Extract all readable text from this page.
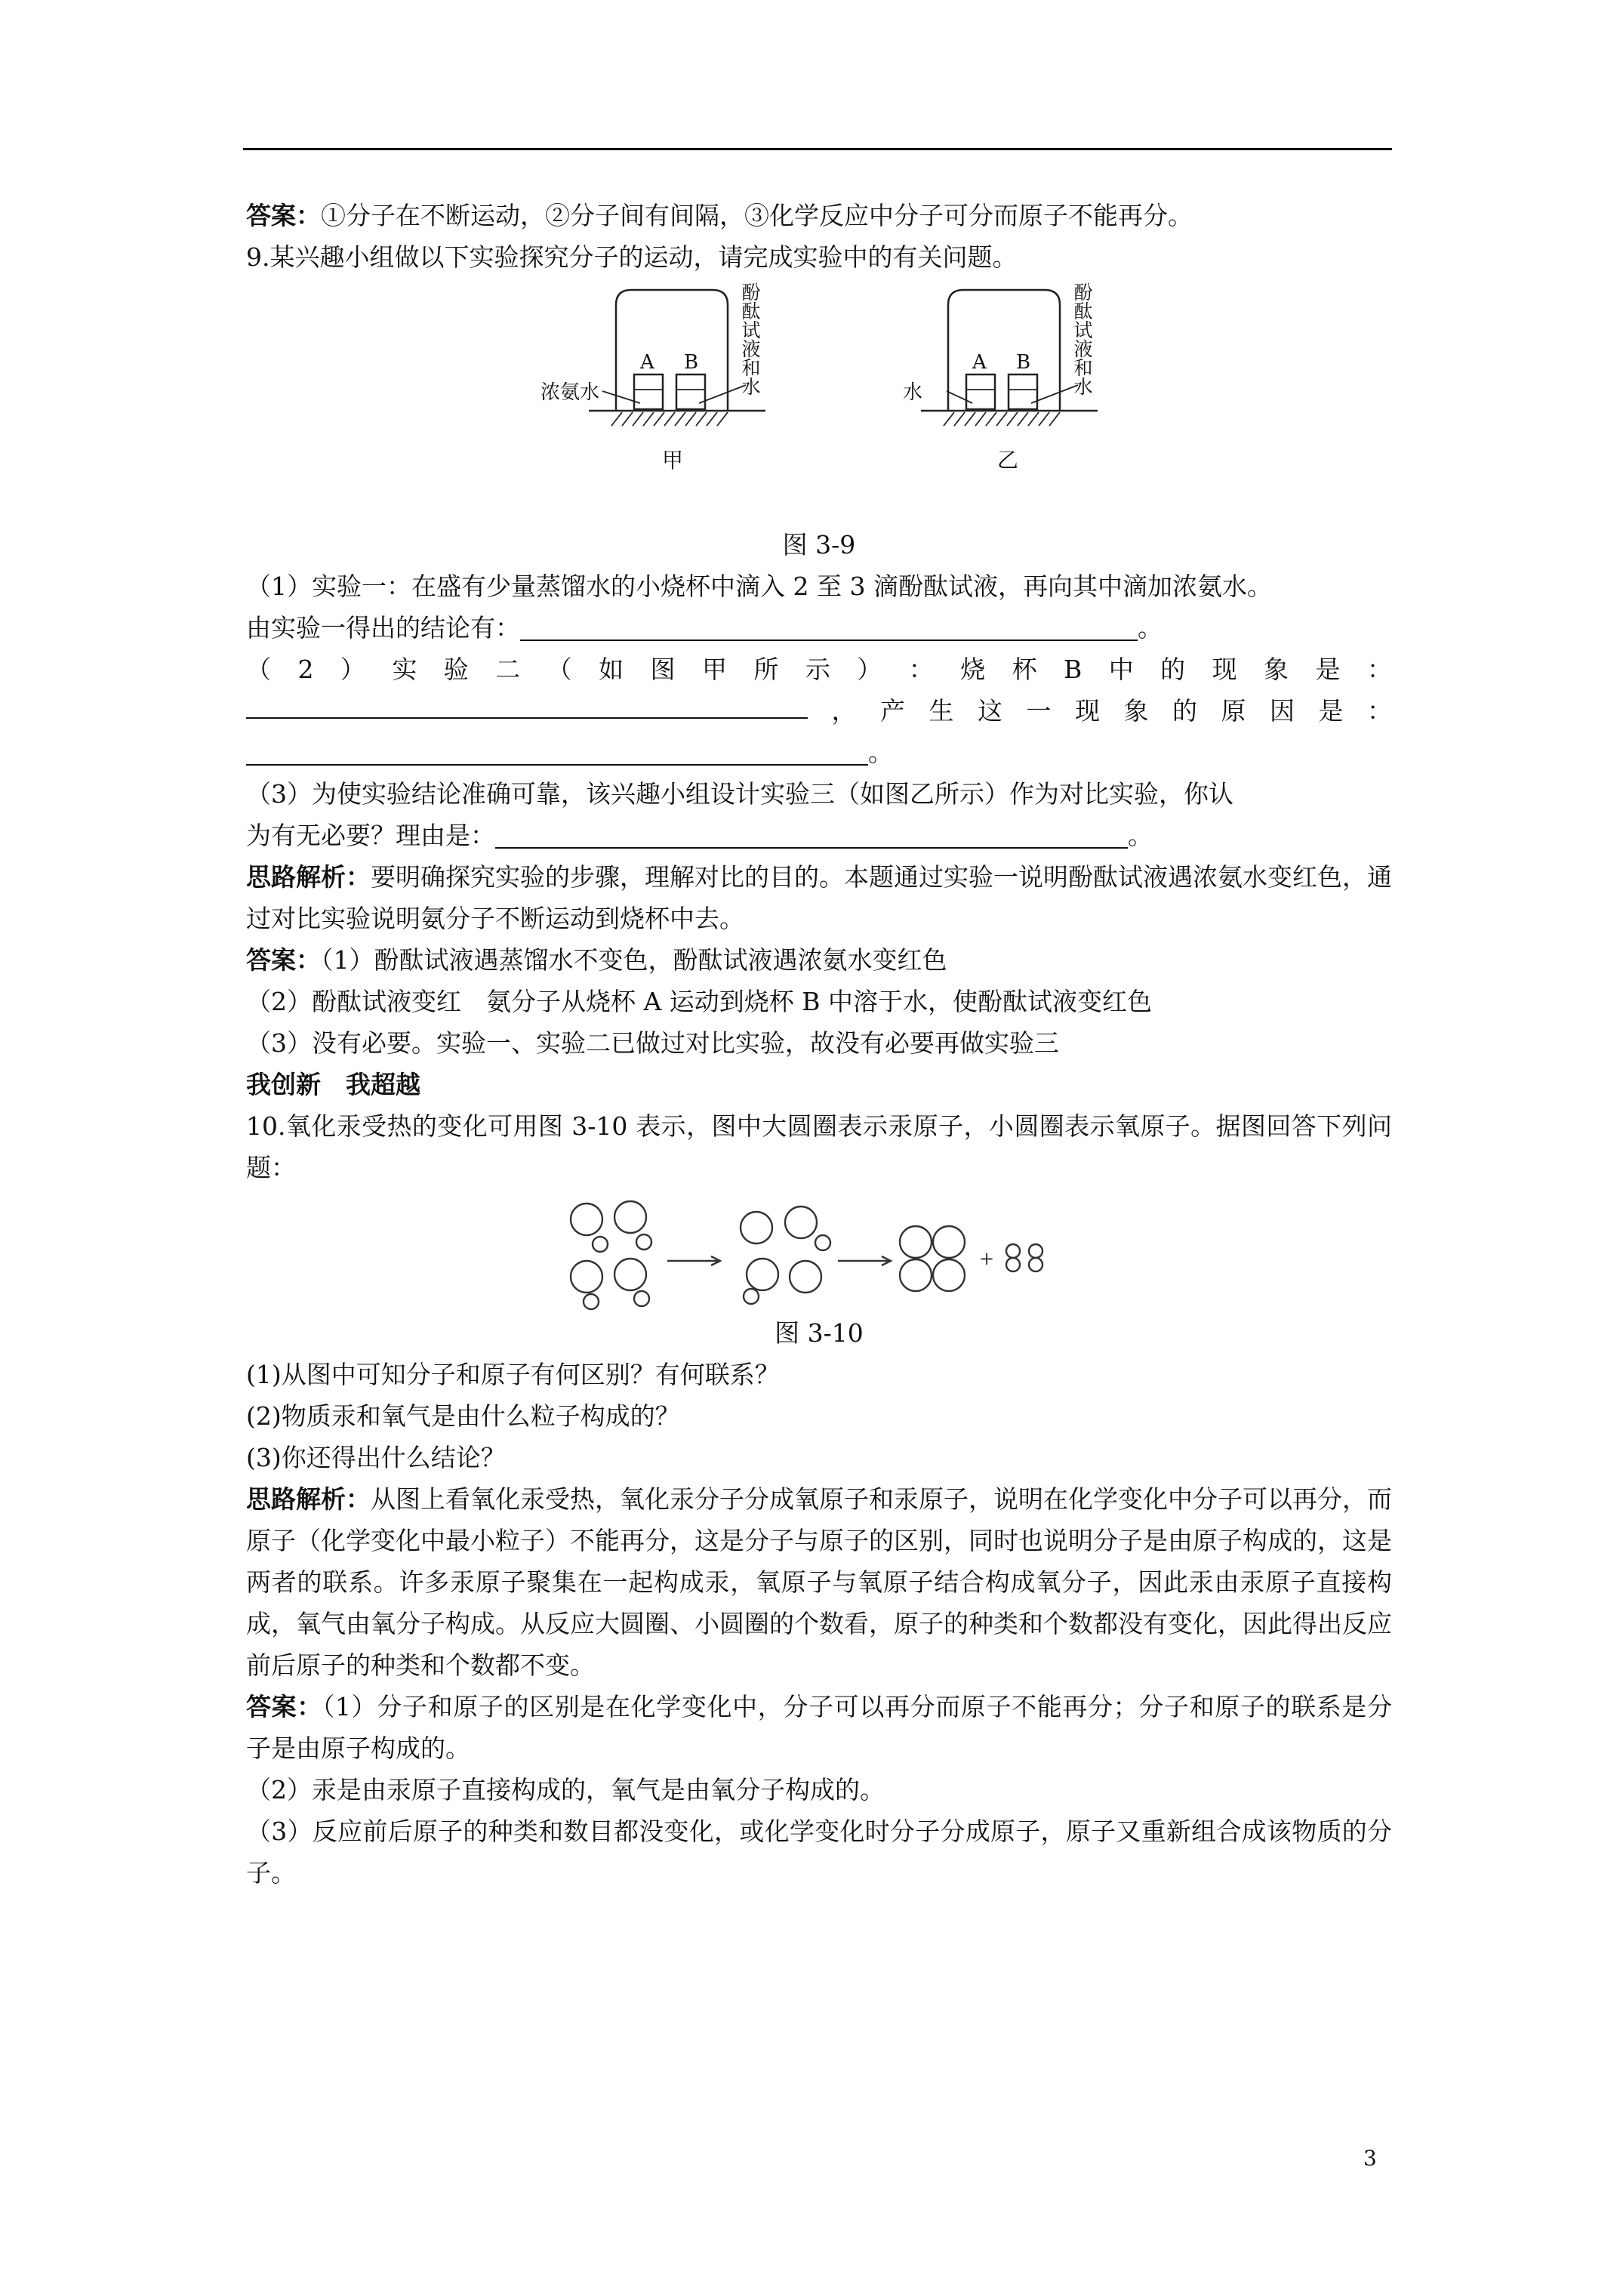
答案：①分子在不断运动，②分子间有间隔，③化学反应中分子可分而原子不能再分。

9.某兴趣小组做以下实验探究分子的运动，请完成实验中的有关问题。

浓氨水
A B
水
A B
甲	乙
酚酞试液和水	酚酞试液和水

图 3-9

（1）实验一：在盛有少量蒸馏水的小烧杯中滴入 2 至 3 滴酚酞试液，再向其中滴加浓氨水。

由实验一得出的结论有：	。

（ 2 ） 实 验 二 （ 如 图 甲 所 示 ） ： 烧 杯 B 中 的 现 象 是 ：
， 产 生 这 一 现 象 的 原 因 是 ：

。

（3）为使实验结论准确可靠，该兴趣小组设计实验三（如图乙所示）作为对比实验，你认

为有无必要？理由是：	。

思路解析：要明确探究实验的步骤，理解对比的目的。本题通过实验一说明酚酞试液遇浓氨水变红色，通过对比实验说明氨分子不断运动到烧杯中去。

答案：（1）酚酞试液遇蒸馏水不变色，酚酞试液遇浓氨水变红色

（2）酚酞试液变红　氨分子从烧杯 A 运动到烧杯 B 中溶于水，使酚酞试液变红色

（3）没有必要。实验一、实验二已做过对比实验，故没有必要再做实验三

我创新　我超越

10.氧化汞受热的变化可用图 3-10 表示，图中大圆圈表示汞原子，小圆圈表示氧原子。据图回答下列问题：

+

图 3-10

(1)从图中可知分子和原子有何区别？有何联系？

(2)物质汞和氧气是由什么粒子构成的？

(3)你还得出什么结论？

思路解析：从图上看氧化汞受热，氧化汞分子分成氧原子和汞原子，说明在化学变化中分子可以再分，而原子（化学变化中最小粒子）不能再分，这是分子与原子的区别，同时也说明分子是由原子构成的，这是两者的联系。许多汞原子聚集在一起构成汞，氧原子与氧原子结合构成氧分子，因此汞由汞原子直接构成，氧气由氧分子构成。从反应大圆圈、小圆圈的个数看，原子的种类和个数都没有变化，因此得出反应前后原子的种类和个数都不变。

答案：（1）分子和原子的区别是在化学变化中，分子可以再分而原子不能再分；分子和原子的联系是分子是由原子构成的。

（2）汞是由汞原子直接构成的，氧气是由氧分子构成的。

（3）反应前后原子的种类和数目都没变化，或化学变化时分子分成原子，原子又重新组合成该物质的分子。

3
